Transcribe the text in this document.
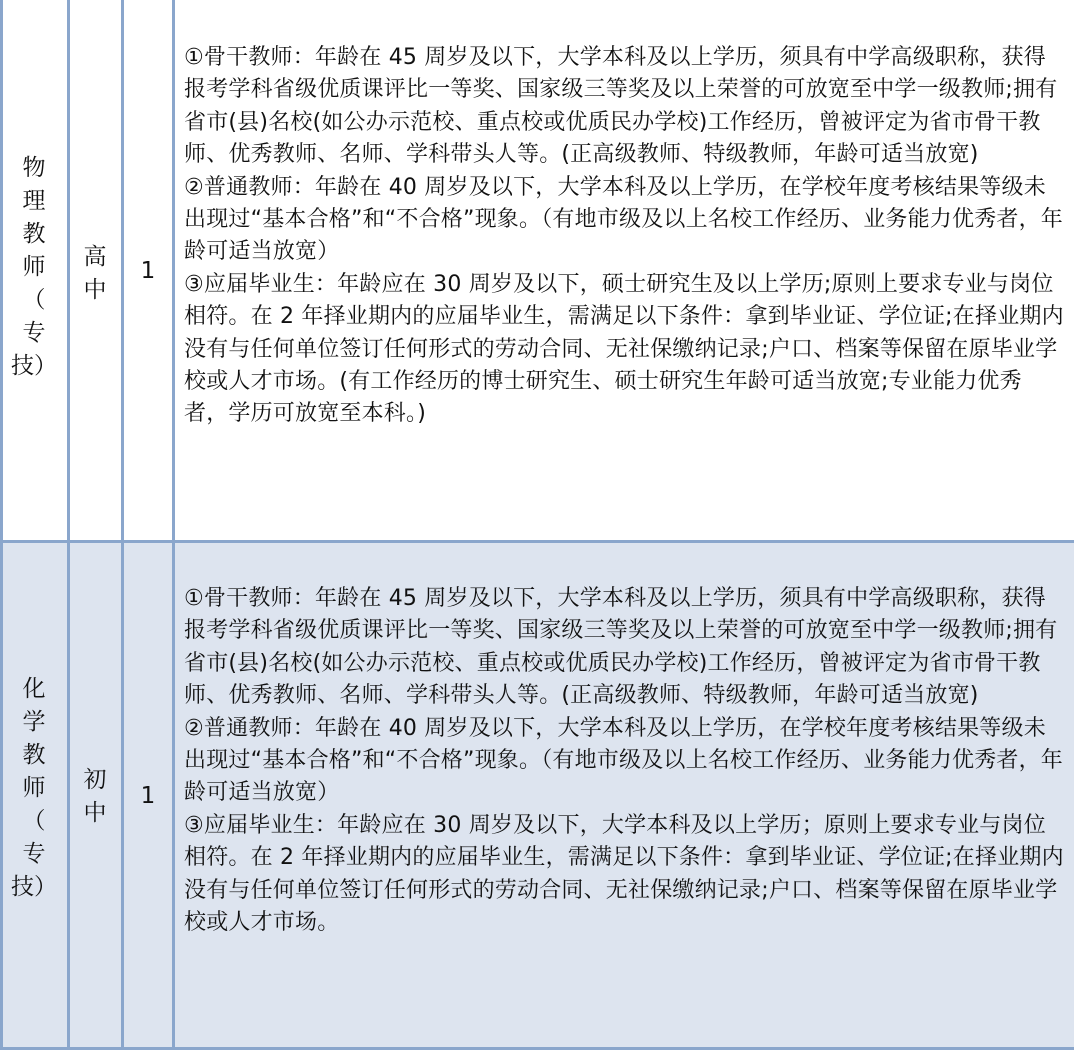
物
理
教
师
（
专
技）
高
中
1

①骨干教师：年龄在 45 周岁及以下，大学本科及以上学历，须具有中学高级职称，获得报考学科省级优质课评比一等奖、国家级三等奖及以上荣誉的可放宽至中学一级教师;拥有省市(县)名校(如公办示范校、重点校或优质民办学校)工作经历，曾被评定为省市骨干教师、优秀教师、名师、学科带头人等。(正高级教师、特级教师，年龄可适当放宽)

②普通教师：年龄在 40 周岁及以下，大学本科及以上学历，在学校年度考核结果等级未出现过“基本合格”和“不合格”现象。（有地市级及以上名校工作经历、业务能力优秀者，年龄可适当放宽）

③应届毕业生：年龄应在 30 周岁及以下，硕士研究生及以上学历;原则上要求专业与岗位相符。在 2 年择业期内的应届毕业生，需满足以下条件：拿到毕业证、学位证;在择业期内没有与任何单位签订任何形式的劳动合同、无社保缴纳记录;户口、档案等保留在原毕业学校或人才市场。(有工作经历的博士研究生、硕士研究生年龄可适当放宽;专业能力优秀者，学历可放宽至本科。)

化
学
教
师
（
专
技）
初
中
1

①骨干教师：年龄在 45 周岁及以下，大学本科及以上学历，须具有中学高级职称，获得报考学科省级优质课评比一等奖、国家级三等奖及以上荣誉的可放宽至中学一级教师;拥有省市(县)名校(如公办示范校、重点校或优质民办学校)工作经历，曾被评定为省市骨干教师、优秀教师、名师、学科带头人等。(正高级教师、特级教师，年龄可适当放宽)

②普通教师：年龄在 40 周岁及以下，大学本科及以上学历，在学校年度考核结果等级未出现过“基本合格”和“不合格”现象。（有地市级及以上名校工作经历、业务能力优秀者，年龄可适当放宽）

③应届毕业生：年龄应在 30 周岁及以下，大学本科及以上学历；原则上要求专业与岗位相符。在 2 年择业期内的应届毕业生，需满足以下条件：拿到毕业证、学位证;在择业期内没有与任何单位签订任何形式的劳动合同、无社保缴纳记录;户口、档案等保留在原毕业学校或人才市场。
